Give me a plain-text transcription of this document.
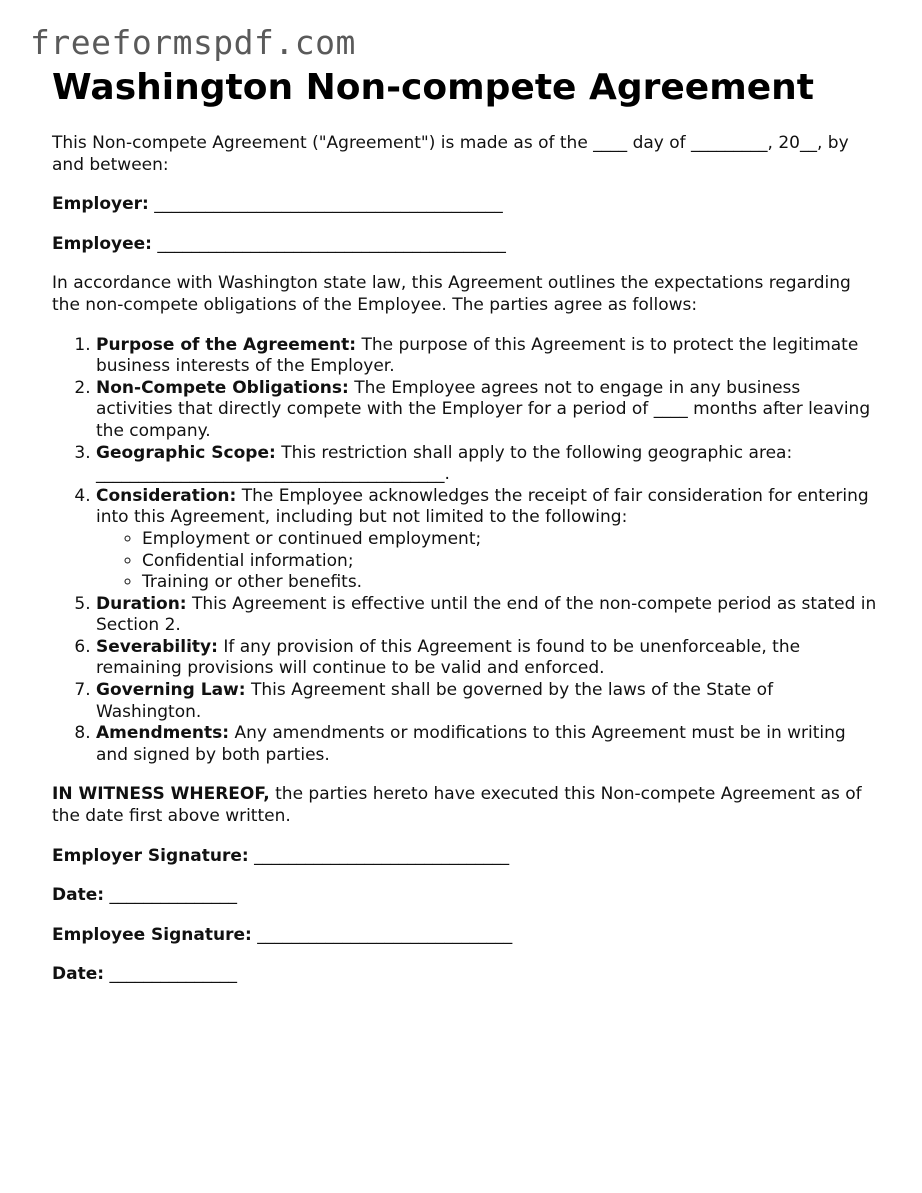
freeformspdf.com
Washington Non-compete Agreement

This Non-compete Agreement ("Agreement") is made as of the ____ day of _________, 20__, by and between:

Employer: _________________________________________

Employee: _________________________________________

In accordance with Washington state law, this Agreement outlines the expectations regarding the non-compete obligations of the Employee. The parties agree as follows:

1. Purpose of the Agreement: The purpose of this Agreement is to protect the legitimate business interests of the Employer.
2. Non-Compete Obligations: The Employee agrees not to engage in any business activities that directly compete with the Employer for a period of ____ months after leaving the company.
3. Geographic Scope: This restriction shall apply to the following geographic area: _________________________________________.
4. Consideration: The Employee acknowledges the receipt of fair consideration for entering into this Agreement, including but not limited to the following:
◦ Employment or continued employment;
◦ Confidential information;
◦ Training or other benefits.
5. Duration: This Agreement is effective until the end of the non-compete period as stated in Section 2.
6. Severability: If any provision of this Agreement is found to be unenforceable, the remaining provisions will continue to be valid and enforced.
7. Governing Law: This Agreement shall be governed by the laws of the State of Washington.
8. Amendments: Any amendments or modifications to this Agreement must be in writing and signed by both parties.

IN WITNESS WHEREOF, the parties hereto have executed this Non-compete Agreement as of the date first above written.

Employer Signature: ______________________________

Date: _______________

Employee Signature: ______________________________

Date: _______________
